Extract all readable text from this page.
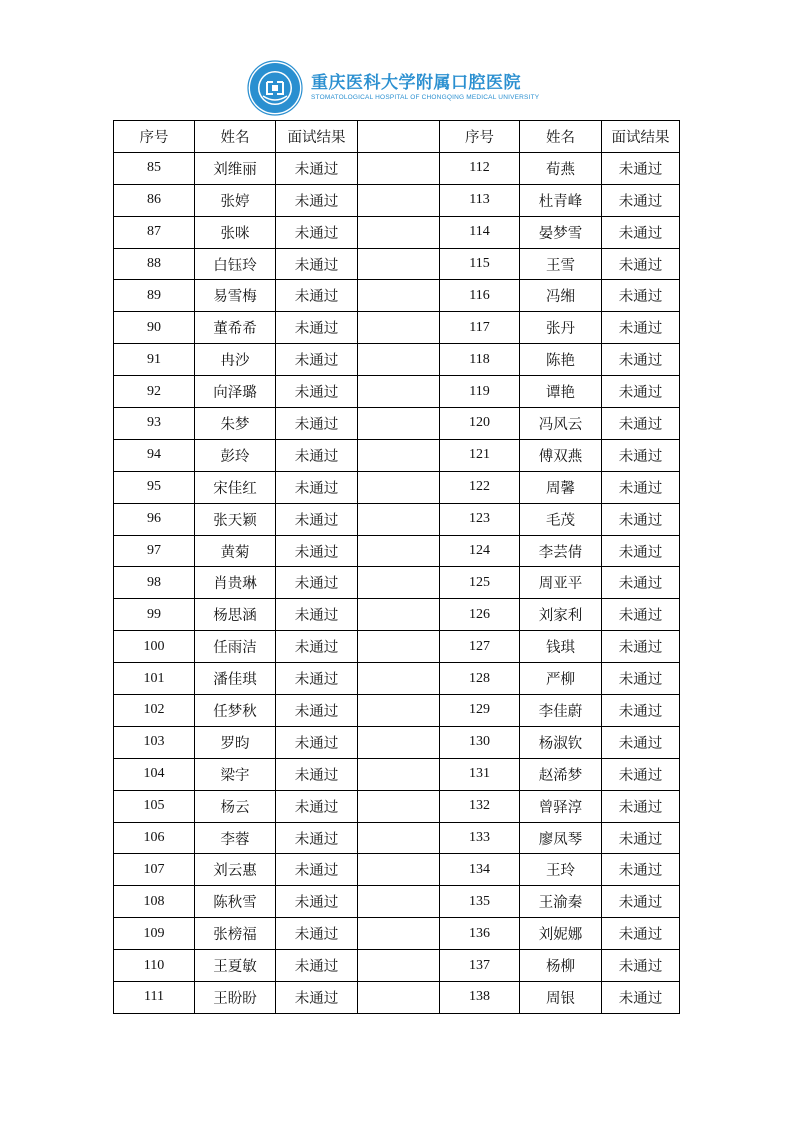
重庆医科大学附属口腔医院
STOMATOLOGICAL HOSPITAL OF CHONGQING MEDICAL UNIVERSITY
序号	姓名	面试结果		序号	姓名	面试结果
85	刘维丽	未通过		112	荀燕	未通过
86	张婷	未通过		113	杜青峰	未通过
87	张咪	未通过		114	晏梦雪	未通过
88	白钰玲	未通过		115	王雪	未通过
89	易雪梅	未通过		116	冯缃	未通过
90	董希希	未通过		117	张丹	未通过
91	冉沙	未通过		118	陈艳	未通过
92	向泽璐	未通过		119	谭艳	未通过
93	朱梦	未通过		120	冯风云	未通过
94	彭玲	未通过		121	傅双燕	未通过
95	宋佳红	未通过		122	周馨	未通过
96	张天颖	未通过		123	毛茂	未通过
97	黄菊	未通过		124	李芸倩	未通过
98	肖贵琳	未通过		125	周亚平	未通过
99	杨思涵	未通过		126	刘家利	未通过
100	任雨洁	未通过		127	钱琪	未通过
101	潘佳琪	未通过		128	严柳	未通过
102	任梦秋	未通过		129	李佳蔚	未通过
103	罗昀	未通过		130	杨淑钦	未通过
104	梁宇	未通过		131	赵浠梦	未通过
105	杨云	未通过		132	曾驿淳	未通过
106	李蓉	未通过		133	廖凤琴	未通过
107	刘云惠	未通过		134	王玲	未通过
108	陈秋雪	未通过		135	王渝秦	未通过
109	张榜福	未通过		136	刘妮娜	未通过
110	王夏敏	未通过		137	杨柳	未通过
111	王盼盼	未通过		138	周银	未通过
